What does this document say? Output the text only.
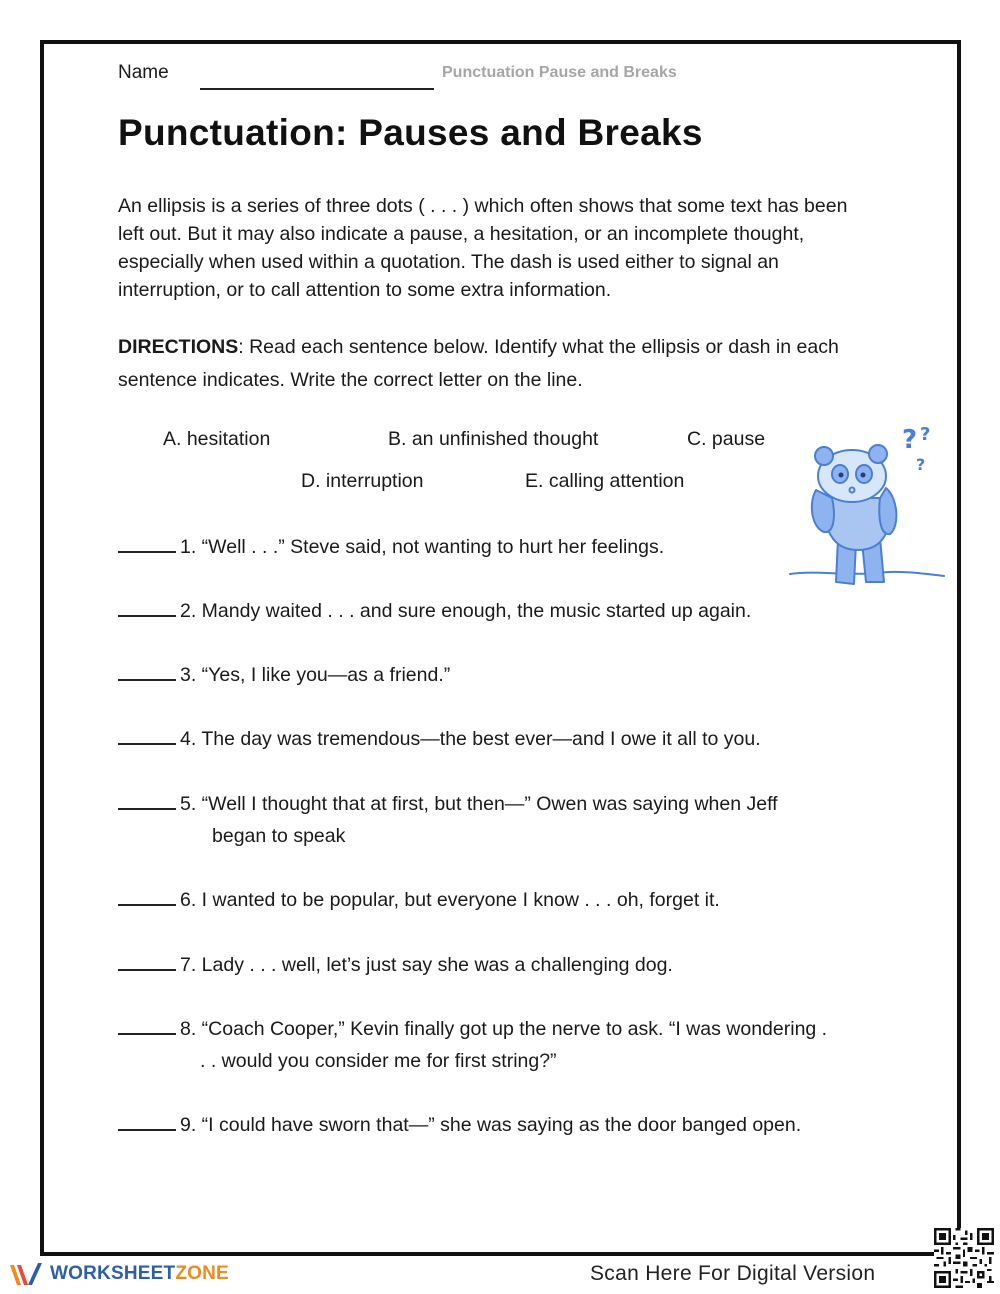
Name	Punctuation Pause and Breaks
Punctuation: Pauses and Breaks

An ellipsis is a series of three dots ( . . . ) which often shows that some text has been left out. But it may also indicate a pause, a hesitation, or an incomplete thought, especially when used within a quotation. The dash is used either to signal an interruption, or to call attention to some extra information.

DIRECTIONS: Read each sentence below. Identify what the ellipsis or dash in each sentence indicates. Write the correct letter on the line.

A. hesitation	B. an unfinished thought	C. pause
D. interruption	E. calling attention
1. “Well . . .” Steve said, not wanting to hurt her feelings.
2. Mandy waited . . . and sure enough, the music started up again.
3. “Yes, I like you—as a friend.”
4. The day was tremendous—the best ever—and I owe it all to you.
5. “Well I thought that at first, but then—” Owen was saying when Jeff
began to speak
6. I wanted to be popular, but everyone I know . . . oh, forget it.
7. Lady . . . well, let’s just say she was a challenging dog.
8. “Coach Cooper,” Kevin finally got up the nerve to ask. “I was wondering .
. . would you consider me for first string?”
9. “I could have sworn that—” she was saying as the door banged open.
? ?
?
WORKSHEETZONE	Scan Here For Digital Version
